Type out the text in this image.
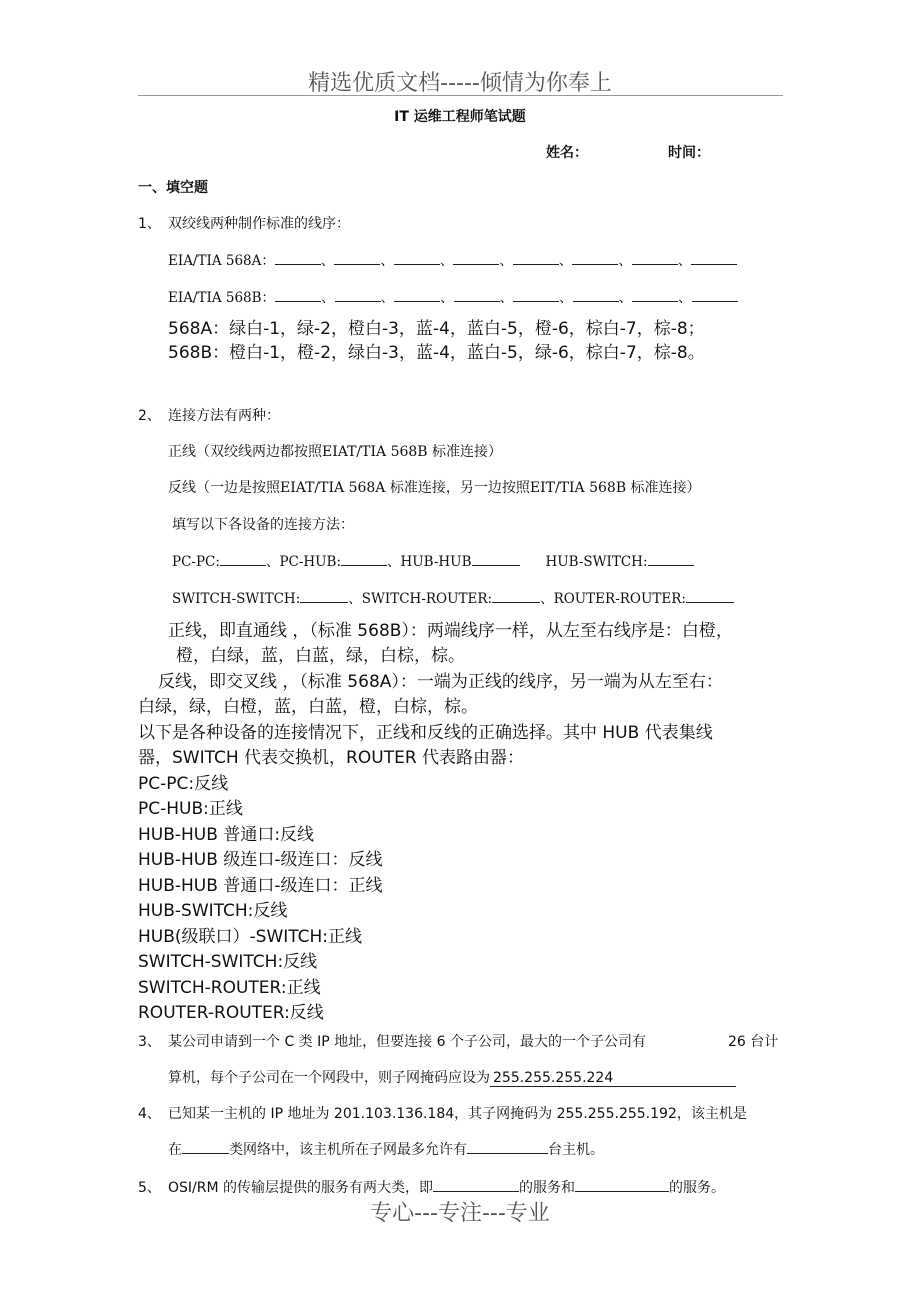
精选优质文档-----倾情为你奉上
专心---专注---专业
IT 运维工程师笔试题
姓名：	时间：
一、填空题
1、 双绞线两种制作标准的线序：
EIA/TIA 568A：	、	、	、	、	、	、	、
EIA/TIA 568B：	、	、	、	、	、	、	、
568A：绿白-1，绿-2，橙白-3，蓝-4，蓝白-5，橙-6，棕白-7，棕-8；
568B：橙白-1，橙-2，绿白-3，蓝-4，蓝白-5，绿-6，棕白-7，棕-8。
2、 连接方法有两种：
正线（双绞线两边都按照EIAT/TIA 568B 标准连接）
反线（一边是按照EIAT/TIA 568A 标准连接，另一边按照EIT/TIA 568B 标准连接）
填写以下各设备的连接方法：
PC-PC:	、PC-HUB:	、HUB-HUB	HUB-SWITCH:
SWITCH-SWITCH:	、SWITCH-ROUTER:	、ROUTER-ROUTER:
正线，即直通线 ，（标准 568B）：两端线序一样，从左至右线序是：白橙，
橙，白绿，蓝，白蓝，绿，白棕，棕。
反线，即交叉线 ，（标准 568A）：一端为正线的线序，另一端为从左至右：
白绿，绿，白橙，蓝，白蓝，橙，白棕，棕。
以下是各种设备的连接情况下，正线和反线的正确选择。其中 HUB 代表集线
器，SWITCH 代表交换机，ROUTER 代表路由器：
PC-PC:反线
PC-HUB:正线
HUB-HUB 普通口:反线
HUB-HUB 级连口-级连口：反线
HUB-HUB 普通口-级连口：正线
HUB-SWITCH:反线
HUB(级联口）-SWITCH:正线
SWITCH-SWITCH:反线
SWITCH-ROUTER:正线
ROUTER-ROUTER:反线
3、 某公司申请到一个 C 类 IP 地址，但要连接 6 个子公司，最大的一个子公司有	26 台计
算机，每个子公司在一个网段中，则子网掩码应设为 255.255.255.224
4、 已知某一主机的 IP 地址为 201.103.136.184，其子网掩码为 255.255.255.192，该主机是
在	类网络中，该主机所在子网最多允许有	台主机。
5、 OSI/RM 的传输层提供的服务有两大类，即	的服务和	的服务。
